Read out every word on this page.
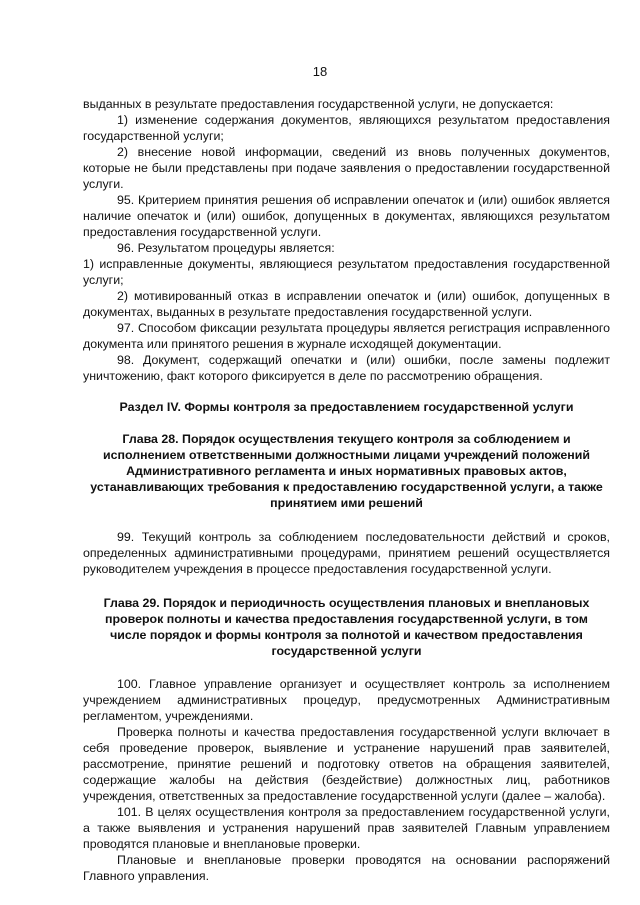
18

выданных в результате предоставления государственной услуги, не допускается:

1) изменение содержания документов, являющихся результатом предоставления государственной услуги;

2) внесение новой информации, сведений из вновь полученных документов, которые не были представлены при подаче заявления о предоставлении государственной услуги.

95. Критерием принятия решения об исправлении опечаток и (или) ошибок является наличие опечаток и (или) ошибок, допущенных в документах, являющихся результатом предоставления государственной услуги.

96. Результатом процедуры является:

1) исправленные документы, являющиеся результатом предоставления государственной услуги;

2) мотивированный отказ в исправлении опечаток и (или) ошибок, допущенных в документах, выданных в результате предоставления государственной услуги.

97. Способом фиксации результата процедуры является регистрация исправленного документа или принятого решения в журнале исходящей документации.

98. Документ, содержащий опечатки и (или) ошибки, после замены подлежит уничтожению, факт которого фиксируется в деле по рассмотрению обращения.

Раздел IV. Формы контроля за предоставлением государственной услуги

Глава 28. Порядок осуществления текущего контроля за соблюдением и исполнением ответственными должностными лицами учреждений положений Административного регламента и иных нормативных правовых актов, устанавливающих требования к предоставлению государственной услуги, а также принятием ими решений

99. Текущий контроль за соблюдением последовательности действий и сроков, определенных административными процедурами, принятием решений осуществляется руководителем учреждения в процессе предоставления государственной услуги.

Глава 29. Порядок и периодичность осуществления плановых и внеплановых проверок полноты и качества предоставления государственной услуги, в том числе порядок и формы контроля за полнотой и качеством предоставления государственной услуги

100. Главное управление организует и осуществляет контроль за исполнением учреждением административных процедур, предусмотренных Административным регламентом, учреждениями.

Проверка полноты и качества предоставления государственной услуги включает в себя проведение проверок, выявление и устранение нарушений прав заявителей, рассмотрение, принятие решений и подготовку ответов на обращения заявителей, содержащие жалобы на действия (бездействие) должностных лиц, работников учреждения, ответственных за предоставление государственной услуги (далее – жалоба).

101. В целях осуществления контроля за предоставлением государственной услуги, а также выявления и устранения нарушений прав заявителей Главным управлением проводятся плановые и внеплановые проверки.

Плановые и внеплановые проверки проводятся на основании распоряжений Главного управления.
